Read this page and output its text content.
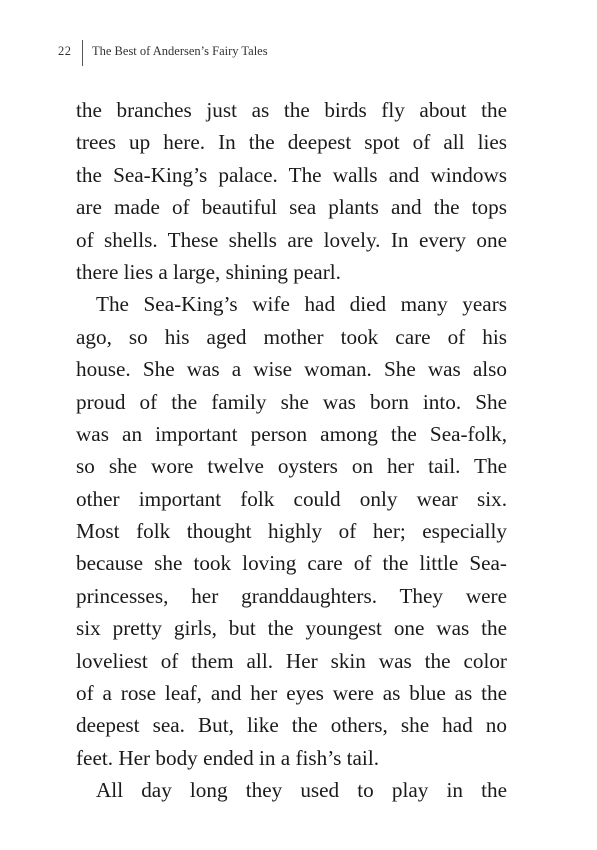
22 The Best of Andersen’s Fairy Tales
the branches just as the birds fly about the
trees up here. In the deepest spot of all lies
the Sea-King’s palace. The walls and windows
are made of beautiful sea plants and the tops
of shells. These shells are lovely. In every one
there lies a large, shining pearl.
The Sea-King’s wife had died many years
ago, so his aged mother took care of his
house. She was a wise woman. She was also
proud of the family she was born into. She
was an important person among the Sea-folk,
so she wore twelve oysters on her tail. The
other important folk could only wear six.
Most folk thought highly of her; especially
because she took loving care of the little Sea-
princesses, her granddaughters. They were
six pretty girls, but the youngest one was the
loveliest of them all. Her skin was the color
of a rose leaf, and her eyes were as blue as the
deepest sea. But, like the others, she had no
feet. Her body ended in a fish’s tail.
All day long they used to play in the
